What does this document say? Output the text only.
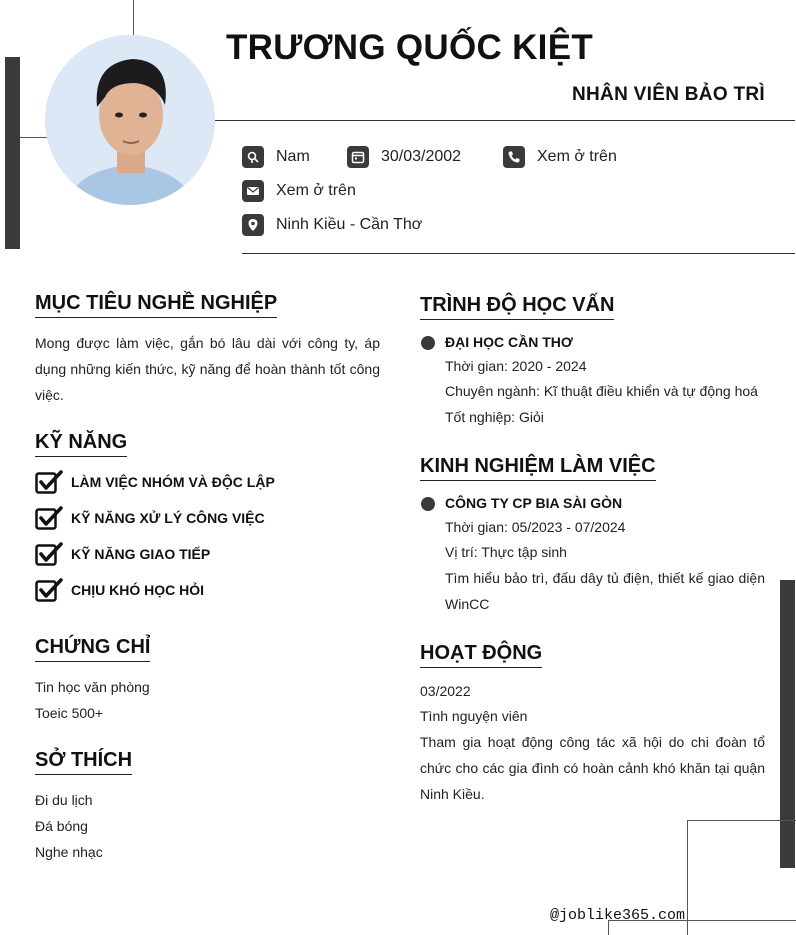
TRƯƠNG QUỐC KIỆT
NHÂN VIÊN BẢO TRÌ
Nam	30/03/2002	Xem ở trên
Xem ở trên
Ninh Kiều - Cần Thơ
MỤC TIÊU NGHỀ NGHIỆP
Mong được làm việc, gắn bó lâu dài với công ty, áp dụng những kiến thức, kỹ năng để hoàn thành tốt công việc.
KỸ NĂNG
LÀM VIỆC NHÓM VÀ ĐỘC LẬP
KỸ NĂNG XỬ LÝ CÔNG VIỆC
KỸ NĂNG GIAO TIẾP
CHỊU KHÓ HỌC HỎI
CHỨNG CHỈ
Tin học văn phòng
Toeic 500+
SỞ THÍCH
Đi du lịch
Đá bóng
Nghe nhạc
TRÌNH ĐỘ HỌC VẤN
ĐẠI HỌC CẦN THƠ
Thời gian: 2020 - 2024
Chuyên ngành: Kĩ thuật điều khiển và tự động hoá
Tốt nghiệp: Giỏi
KINH NGHIỆM LÀM VIỆC
CÔNG TY CP BIA SÀI GÒN
Thời gian: 05/2023 - 07/2024
Vị trí: Thực tập sinh
Tìm hiểu bảo trì, đấu dây tủ điện, thiết kế giao diện WinCC
HOẠT ĐỘNG
03/2022
Tình nguyện viên
Tham gia hoạt động công tác xã hội do chi đoàn tổ chức cho các gia đình có hoàn cảnh khó khăn tại quận Ninh Kiều.
@joblike365.com
